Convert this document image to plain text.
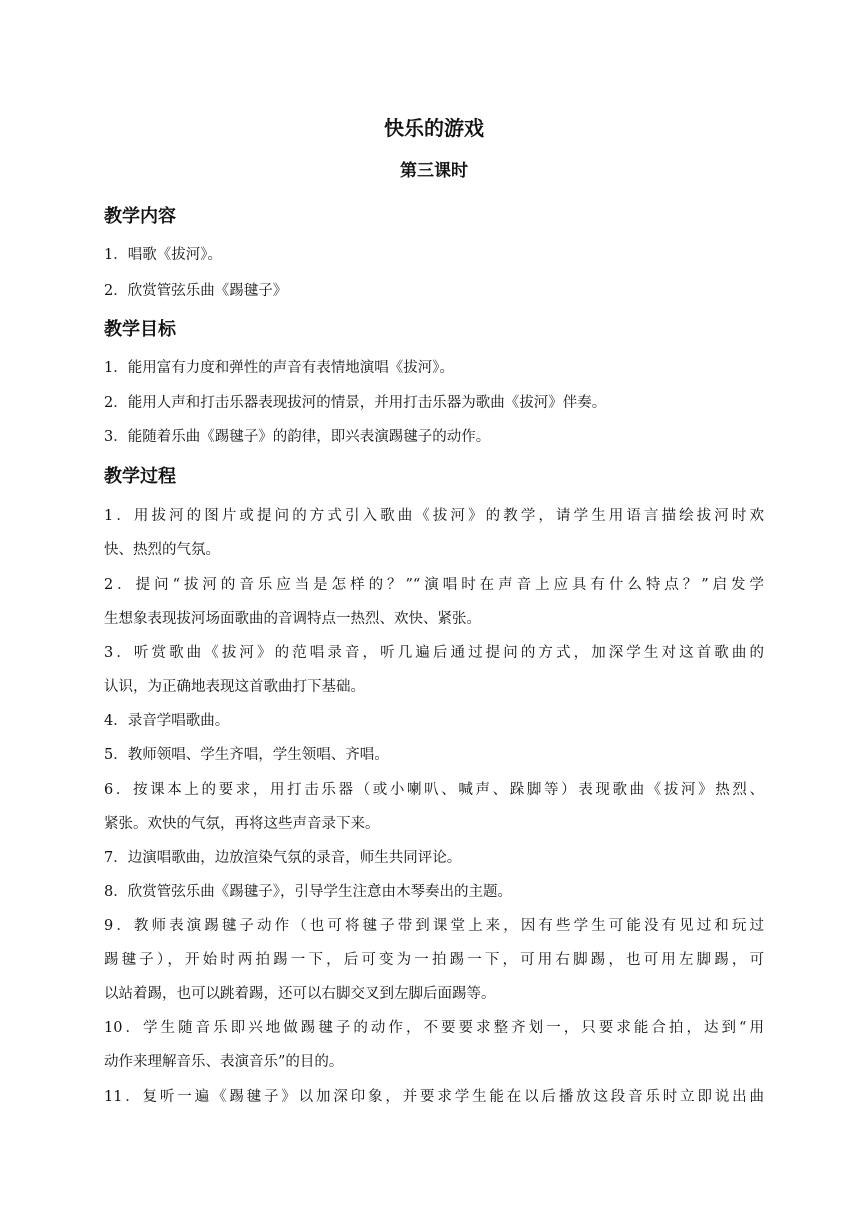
快乐的游戏
第三课时
教学内容
1．唱歌《拔河》。
2．欣赏管弦乐曲《踢毽子》
教学目标
1．能用富有力度和弹性的声音有表情地演唱《拔河》。
2．能用人声和打击乐器表现拔河的情景，并用打击乐器为歌曲《拔河》伴奏。
3．能随着乐曲《踢毽子》的韵律，即兴表演踢毽子的动作。
教学过程
1．用拔河的图片或提问的方式引入歌曲《拔河》的教学，请学生用语言描绘拔河时欢
快、热烈的气氛。
2．提问“拔河的音乐应当是怎样的？”“演唱时在声音上应具有什么特点？”启发学
生想象表现拔河场面歌曲的音调特点一热烈、欢快、紧张。
3．听赏歌曲《拔河》的范唱录音，听几遍后通过提问的方式，加深学生对这首歌曲的
认识，为正确地表现这首歌曲打下基础。
4．录音学唱歌曲。
5．教师领唱、学生齐唱，学生领唱、齐唱。
6．按课本上的要求，用打击乐器（或小喇叭、喊声、跺脚等）表现歌曲《拔河》热烈、
紧张。欢快的气氛，再将这些声音录下来。
7．边演唱歌曲，边放渲染气氛的录音，师生共同评论。
8．欣赏管弦乐曲《踢毽子》，引导学生注意由木琴奏出的主题。
9．教师表演踢毽子动作（也可将毽子带到课堂上来，因有些学生可能没有见过和玩过
踢毽子），开始时两拍踢一下，后可变为一拍踢一下，可用右脚踢，也可用左脚踢，可
以站着踢，也可以跳着踢，还可以右脚交叉到左脚后面踢等。
10．学生随音乐即兴地做踢毽子的动作，不要要求整齐划一，只要求能合拍，达到“用
动作来理解音乐、表演音乐”的目的。
11．复听一遍《踢毽子》以加深印象，并要求学生能在以后播放这段音乐时立即说出曲
